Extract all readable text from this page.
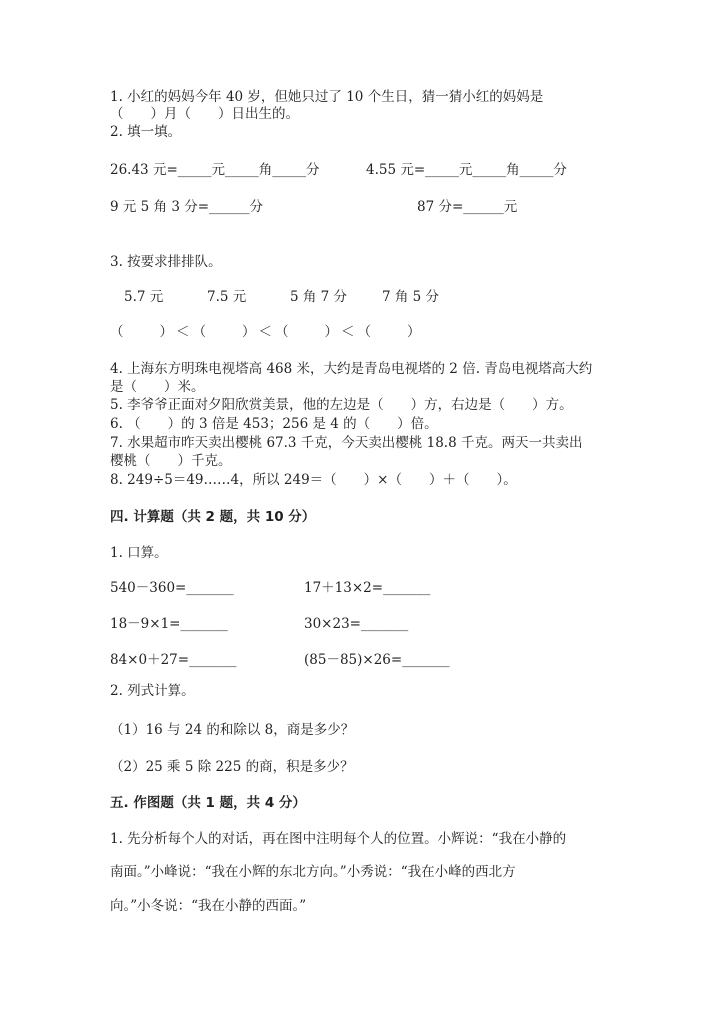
1. 小红的妈妈今年 40 岁，但她只过了 10 个生日，猜一猜小红的妈妈是
（　　）月（　　）日出生的。
2. 填一填。
26.43 元=_____元_____角_____分	4.55 元=_____元_____角_____分
9 元 5 角 3 分=______分	87 分=______元
3. 按要求排排队。
5.7 元	7.5 元	5 角 7 分	7 角 5 分
（　　）＜（　　）＜（　　）＜（　　）
4. 上海东方明珠电视塔高 468 米，大约是青岛电视塔的 2 倍. 青岛电视塔高大约
是（　　）米。
5. 李爷爷正面对夕阳欣赏美景，他的左边是（　　）方，右边是（　　）方。
6. （　　）的 3 倍是 453；256 是 4 的（　　）倍。
7. 水果超市昨天卖出樱桃 67.3 千克，今天卖出樱桃 18.8 千克。两天一共卖出
樱桃（　　）千克。
8. 249÷5＝49……4，所以 249＝（　　）×（　　）＋（　　）。
四. 计算题（共 2 题，共 10 分）
1. 口算。
540－360=_______	17＋13×2=_______
18－9×1=_______	30×23=_______
84×0＋27=_______	(85－85)×26=_______
2. 列式计算。
（1）16 与 24 的和除以 8，商是多少？
（2）25 乘 5 除 225 的商，积是多少？
五. 作图题（共 1 题，共 4 分）
1. 先分析每个人的对话，再在图中注明每个人的位置。小辉说：“我在小静的
南面。”小峰说：“我在小辉的东北方向。”小秀说：“我在小峰的西北方
向。”小冬说：“我在小静的西面。”
